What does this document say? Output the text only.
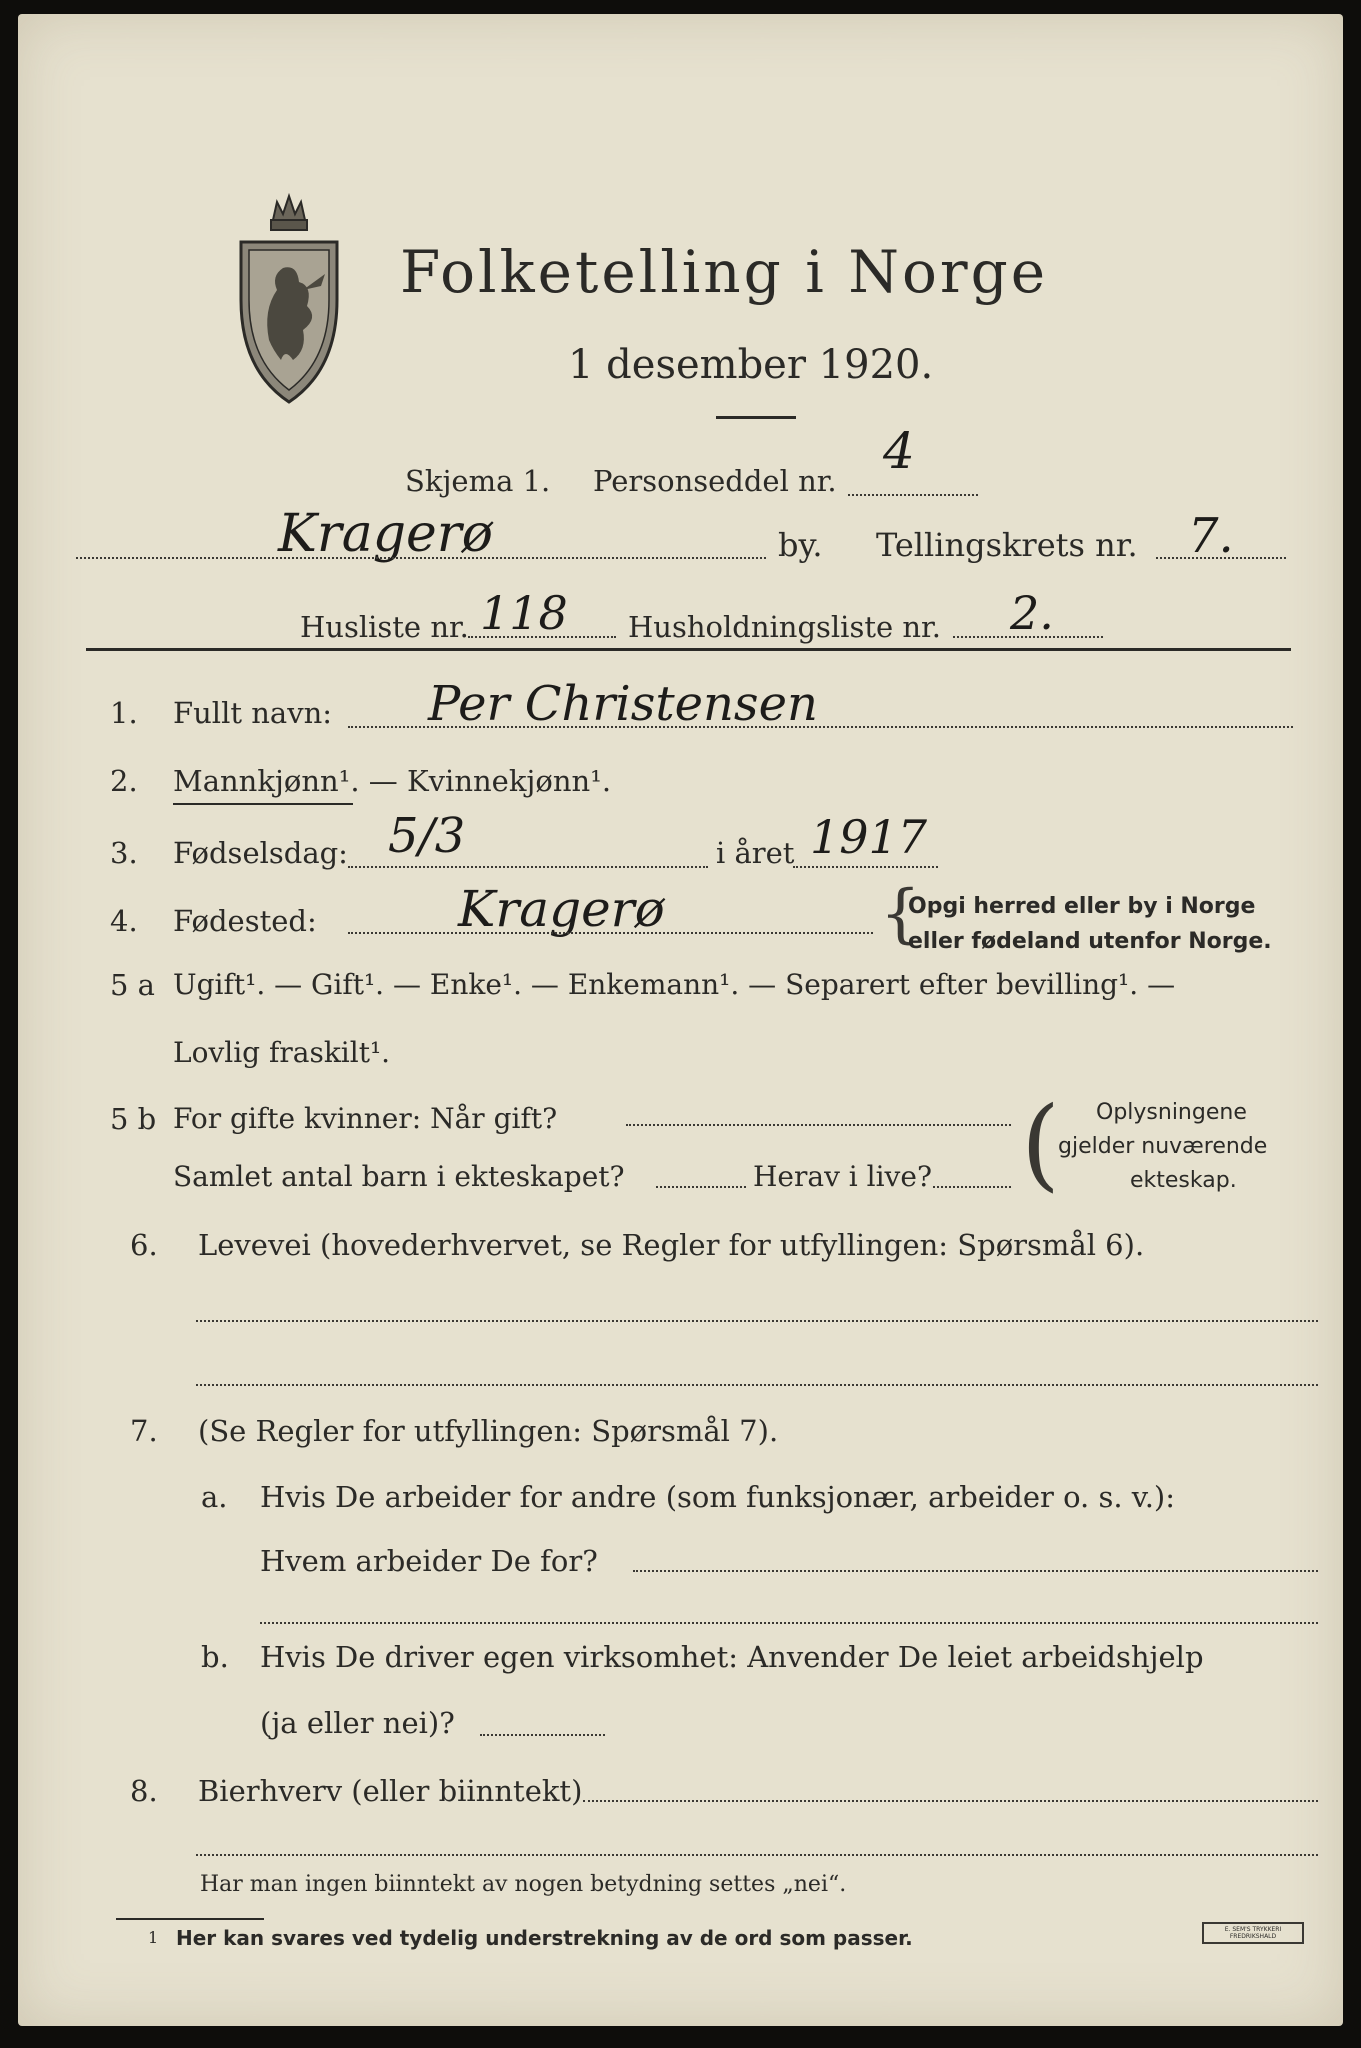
Folketelling i Norge
1 desember 1920.
Skjema 1. Personseddel nr.
4
Kragerø	by. Tellingskrets nr. 7.
Husliste nr. 118 Husholdningsliste nr. 2.
1. Fullt navn: Per Christensen
2. Mannkjønn¹. — Kvinnekjønn¹.
3. Fødselsdag: 5/3	i året 1917
4. Fødested:	Kragerø	{
Opgi herred eller by i Norge
eller fødeland utenfor Norge.
5 a Ugift¹. — Gift¹. — Enke¹. — Enkemann¹. — Separert efter bevilling¹. —
Lovlig fraskilt¹.
5 b For gifte kvinner: Når gift?
Samlet antal barn i ekteskapet?	Herav i live? ( Oplysningene
gjelder nuværende
ekteskap.
6. Levevei (hovederhvervet, se Regler for utfyllingen: Spørsmål 6).
7. (Se Regler for utfyllingen: Spørsmål 7).
a. Hvis De arbeider for andre (som funksjonær, arbeider o. s. v.):
Hvem arbeider De for?
b. Hvis De driver egen virksomhet: Anvender De leiet arbeidshjelp
(ja eller nei)?
8. Bierhverv (eller biinntekt)
Har man ingen biinntekt av nogen betydning settes „nei“.
1 Her kan svares ved tydelig understrekning av de ord som passer.	E. SEM'S TRYKKERI FREDRIKSHALD
